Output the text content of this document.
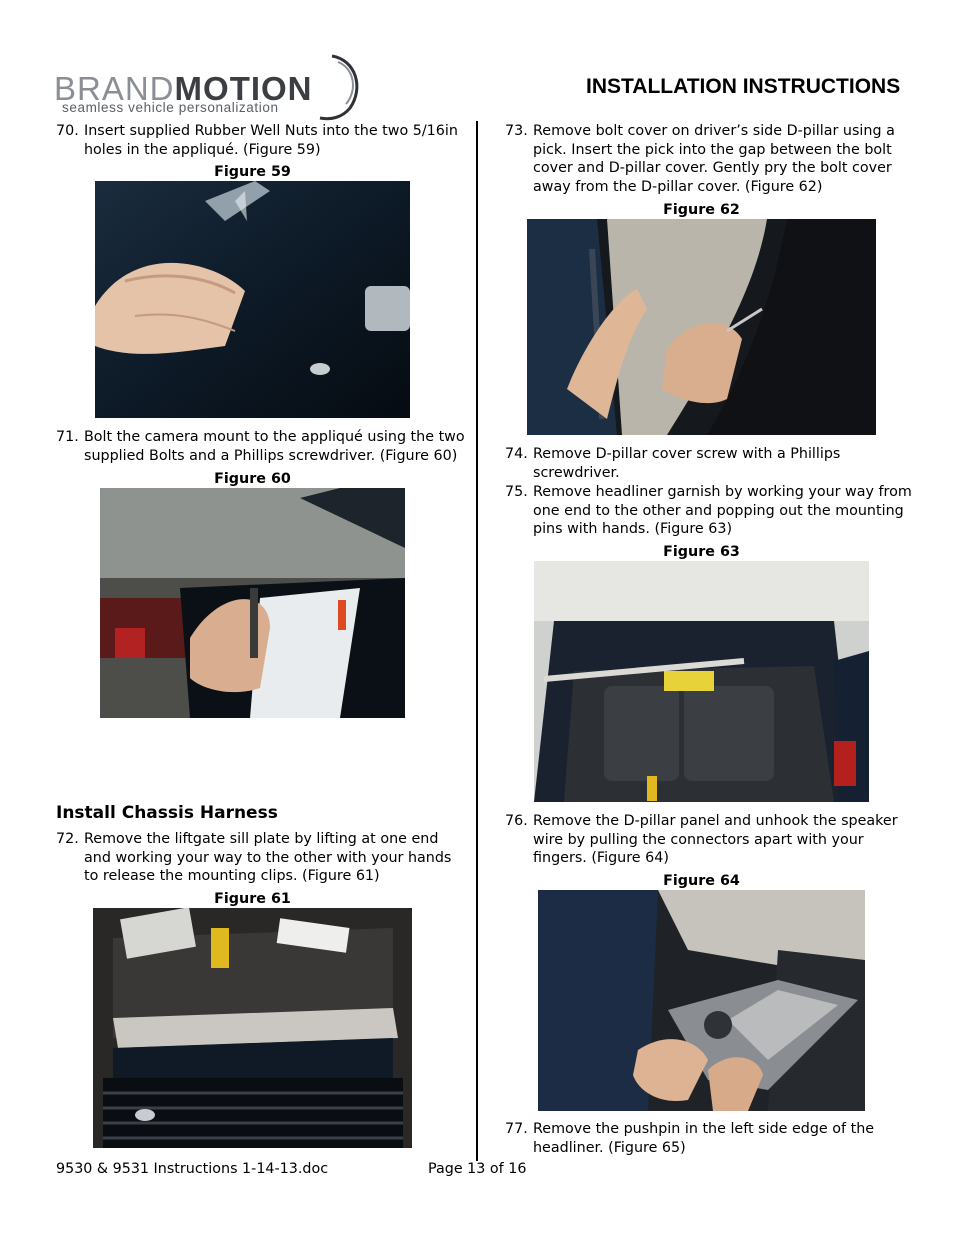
BRANDMOTION
seamless vehicle personalization
INSTALLATION INSTRUCTIONS
70. Insert supplied Rubber Well Nuts into the two 5/16in
holes in the appliqué. (Figure 59)
Figure 59
71. Bolt the camera mount to the appliqué using the two
supplied Bolts and a Phillips screwdriver. (Figure 60)
Figure 60
Install Chassis Harness
72. Remove the liftgate sill plate by lifting at one end
and working your way to the other with your hands
to release the mounting clips. (Figure 61)
Figure 61
73. Remove bolt cover on driver’s side D-pillar using a
pick. Insert the pick into the gap between the bolt
cover and D-pillar cover. Gently pry the bolt cover
away from the D-pillar cover. (Figure 62)
Figure 62
74. Remove D-pillar cover screw with a Phillips
screwdriver.
75. Remove headliner garnish by working your way from
one end to the other and popping out the mounting
pins with hands. (Figure 63)
Figure 63
76. Remove the D-pillar panel and unhook the speaker
wire by pulling the connectors apart with your
fingers. (Figure 64)
Figure 64
77. Remove the pushpin in the left side edge of the
headliner. (Figure 65)
9530 & 9531 Instructions 1-14-13.doc	Page 13 of 16
